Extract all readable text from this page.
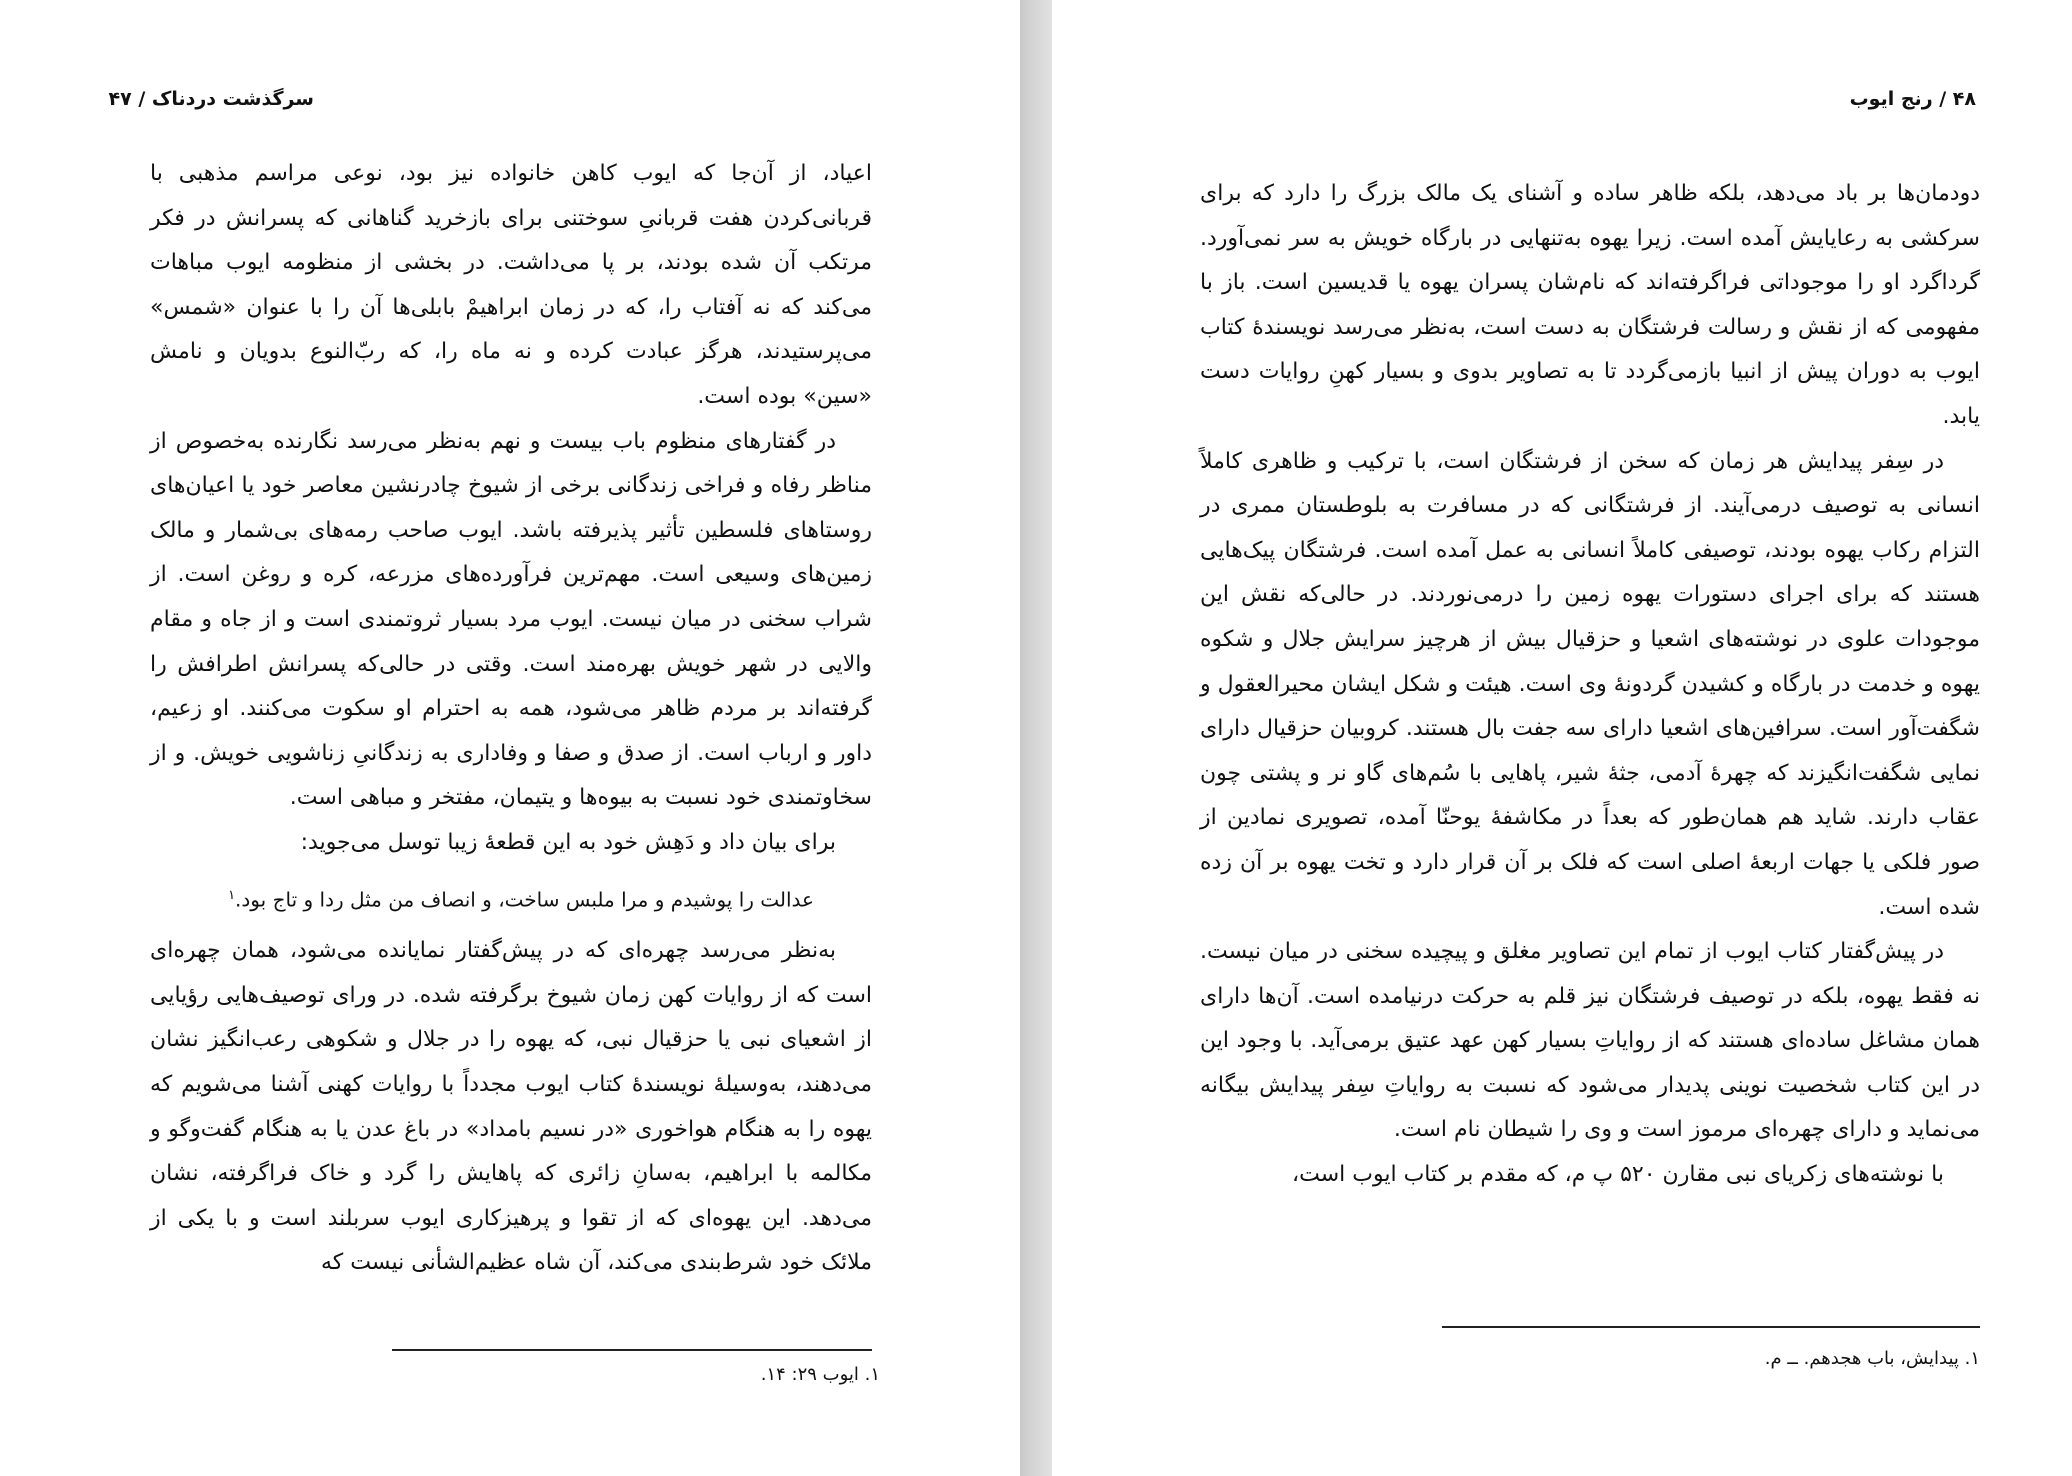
سرگذشت دردناک / ۴۷

اعیاد، از آن‌جا که ایوب کاهن خانواده نیز بود، نوعی مراسم مذهبی با قربانی‌کردن هفت قربانیِ سوختنی برای بازخرید گناهانی که پسرانش در فکر مرتکب آن شده بودند، بر پا می‌داشت. در بخشی از منظومه ایوب مباهات می‌کند که نه آفتاب را، که در زمان ابراهیمْ بابلی‌ها آن را با عنوان «شمس» می‌پرستیدند، هرگز عبادت کرده و نه ماه را، که ربّ‌النوع بدویان و نامش «سین» بوده است.

در گفتارهای منظوم باب بیست و نهم به‌نظر می‌رسد نگارنده به‌خصوص از مناظر رفاه و فراخی زندگانی برخی از شیوخ چادرنشین معاصر خود یا اعیان‌های روستاهای فلسطین تأثیر پذیرفته باشد. ایوب صاحب رمه‌های بی‌شمار و مالک زمین‌های وسیعی است. مهم‌ترین فرآورده‌های مزرعه، کره و روغن است. از شراب سخنی در میان نیست. ایوب مرد بسیار ثروتمندی است و از جاه و مقام والایی در شهر خویش بهره‌مند است. وقتی در حالی‌که پسرانش اطرافش را گرفته‌اند بر مردم ظاهر می‌شود، همه به احترام او سکوت می‌کنند. او زعیم، داور و ارباب است. از صدق و صفا و وفاداری به زندگانیِ زناشویی خویش. و از سخاوتمندی خود نسبت به بیوه‌ها و یتیمان، مفتخر و مباهی است.

برای بیان داد و دَهِش خود به این قطعهٔ زیبا توسل می‌جوید:

عدالت را پوشیدم و مرا ملبس ساخت، و انصاف من مثل ردا و تاج بود.$^۱$

به‌نظر می‌رسد چهره‌ای که در پیش‌گفتار نمایانده می‌شود، همان چهره‌ای است که از روایات کهن زمان شیوخ برگرفته شده. در ورای توصیف‌هایی رؤیایی از اشعیای نبی یا حزقیال نبی، که یهوه را در جلال و شکوهی رعب‌انگیز نشان می‌دهند، به‌وسیلهٔ نویسندهٔ کتاب ایوب مجدداً با روایات کهنی آشنا می‌شویم که یهوه را به هنگام هواخوری «در نسیم بامداد» در باغ عدن یا به هنگام گفت‌وگو و مکالمه با ابراهیم، به‌سانِ زائری که پاهایش را گرد و خاک فراگرفته، نشان می‌دهد. این یهوه‌ای که از تقوا و پرهیزکاری ایوب سربلند است و با یکی از ملائک خود شرط‌بندی می‌کند، آن شاه عظیم‌الشأنی نیست که

۱. ایوب ۲۹: ۱۴.
۴۸ / رنج ایوب

دودمان‌ها بر باد می‌دهد، بلکه ظاهر ساده و آشنای یک مالک بزرگ را دارد که برای سرکشی به رعایایش آمده است. زیرا یهوه به‌تنهایی در بارگاه خویش به سر نمی‌آورد. گرداگرد او را موجوداتی فراگرفته‌اند که نام‌شان پسران یهوه یا قدیسین است. باز با مفهومی که از نقش و رسالت فرشتگان به دست است، به‌نظر می‌رسد نویسندهٔ کتاب ایوب به دوران پیش از انبیا بازمی‌گردد تا به تصاویر بدوی و بسیار کهنِ روایات دست یابد.

در سِفر پیدایش هر زمان که سخن از فرشتگان است، با ترکیب و ظاهری کاملاً انسانی به توصیف درمی‌آیند. از فرشتگانی که در مسافرت به بلوطستان ممری در التزام رکاب یهوه بودند، توصیفی کاملاً انسانی به عمل آمده است. فرشتگان پیک‌هایی هستند که برای اجرای دستورات یهوه زمین را درمی‌نوردند. در حالی‌که نقش این موجودات علوی در نوشته‌های اشعیا و حزقیال بیش از هرچیز سرایش جلال و شکوه یهوه و خدمت در بارگاه و کشیدن گردونهٔ وی است. هیئت و شکل ایشان محیرالعقول و شگفت‌آور است. سرافین‌های اشعیا دارای سه جفت بال هستند. کروبیان حزقیال دارای نمایی شگفت‌انگیزند که چهرهٔ آدمی، جثهٔ شیر، پاهایی با سُم‌های گاو نر و پشتی چون عقاب دارند. شاید هم همان‌طور که بعداً در مکاشفهٔ یوحنّا آمده، تصویری نمادین از صور فلکی یا جهات اربعهٔ اصلی است که فلک بر آن قرار دارد و تخت یهوه بر آن زده شده است.

در پیش‌گفتار کتاب ایوب از تمام این تصاویر مغلق و پیچیده سخنی در میان نیست. نه فقط یهوه، بلکه در توصیف فرشتگان نیز قلم به حرکت درنیامده است. آن‌ها دارای همان مشاغل ساده‌ای هستند که از روایاتِ بسیار کهن عهد عتیق برمی‌آید. با وجود این در این کتاب شخصیت نوینی پدیدار می‌شود که نسبت به روایاتِ سِفر پیدایش بیگانه می‌نماید و دارای چهره‌ای مرموز است و وی را شیطان نام است.

با نوشته‌های زکریای نبی مقارن ۵۲۰ پ م، که مقدم بر کتاب ایوب است،

۱. پیدایش، باب هجدهم. ــ م.
